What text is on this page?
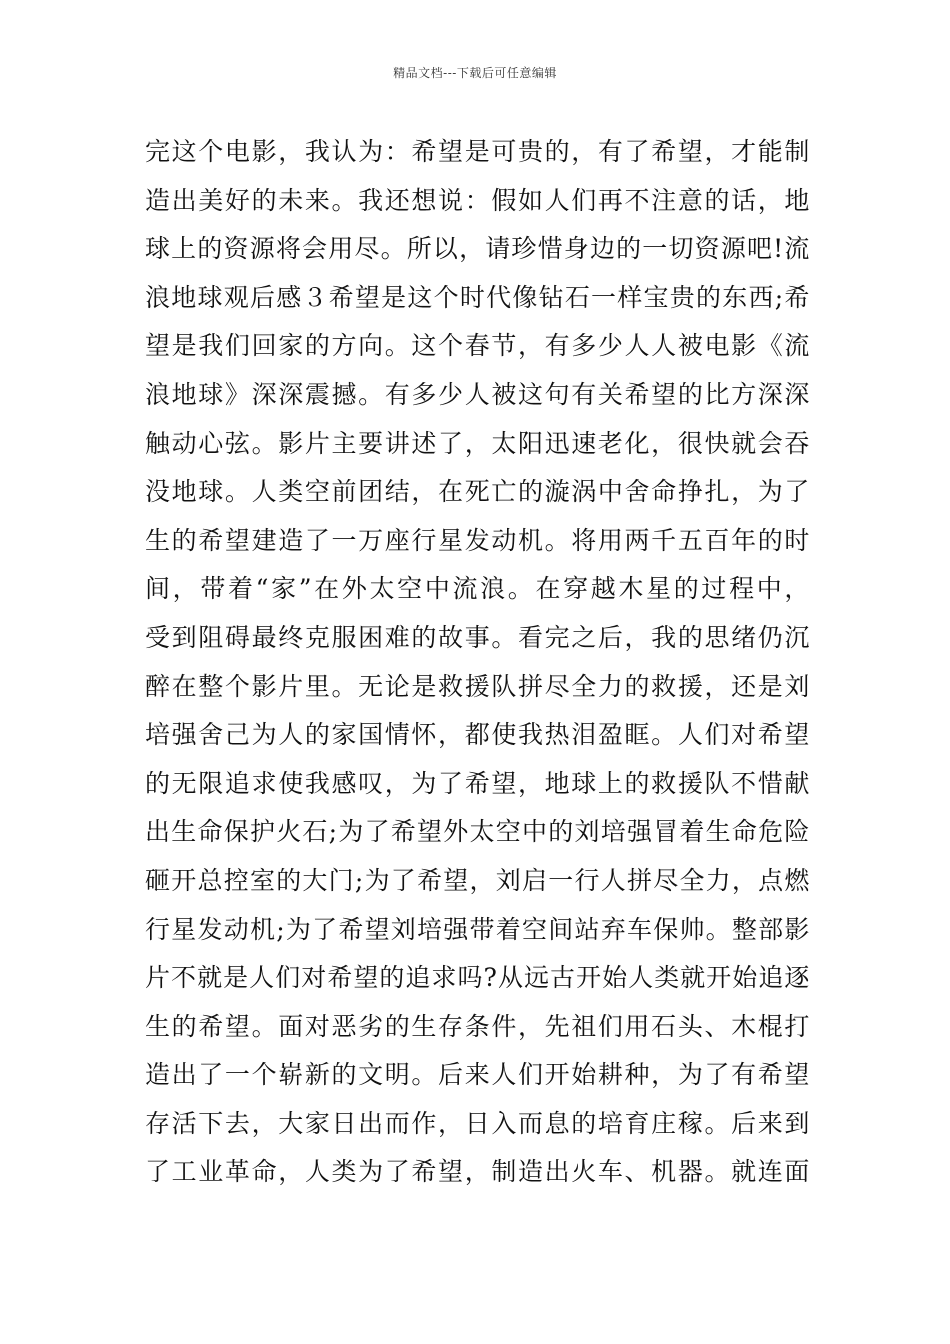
精品文档---下载后可任意编辑
完这个电影，我认为：希望是可贵的，有了希望，才能制
造出美好的未来。我还想说：假如人们再不注意的话，地
球上的资源将会用尽。所以，请珍惜身边的一切资源吧!流
浪地球观后感３希望是这个时代像钻石一样宝贵的东西;希
望是我们回家的方向。这个春节，有多少人人被电影《流
浪地球》深深震撼。有多少人被这句有关希望的比方深深
触动心弦。影片主要讲述了，太阳迅速老化，很快就会吞
没地球。人类空前团结，在死亡的漩涡中舍命挣扎，为了
生的希望建造了一万座行星发动机。将用两千五百年的时
间，带着“家”在外太空中流浪。在穿越木星的过程中，
受到阻碍最终克服困难的故事。看完之后，我的思绪仍沉
醉在整个影片里。无论是救援队拼尽全力的救援，还是刘
培强舍己为人的家国情怀，都使我热泪盈眶。人们对希望
的无限追求使我感叹，为了希望，地球上的救援队不惜献
出生命保护火石;为了希望外太空中的刘培强冒着生命危险
砸开总控室的大门;为了希望，刘启一行人拼尽全力，点燃
行星发动机;为了希望刘培强带着空间站弃车保帅。整部影
片不就是人们对希望的追求吗?从远古开始人类就开始追逐
生的希望。面对恶劣的生存条件，先祖们用石头、木棍打
造出了一个崭新的文明。后来人们开始耕种，为了有希望
存活下去，大家日出而作，日入而息的培育庄稼。后来到
了工业革命，人类为了希望，制造出火车、机器。就连面
